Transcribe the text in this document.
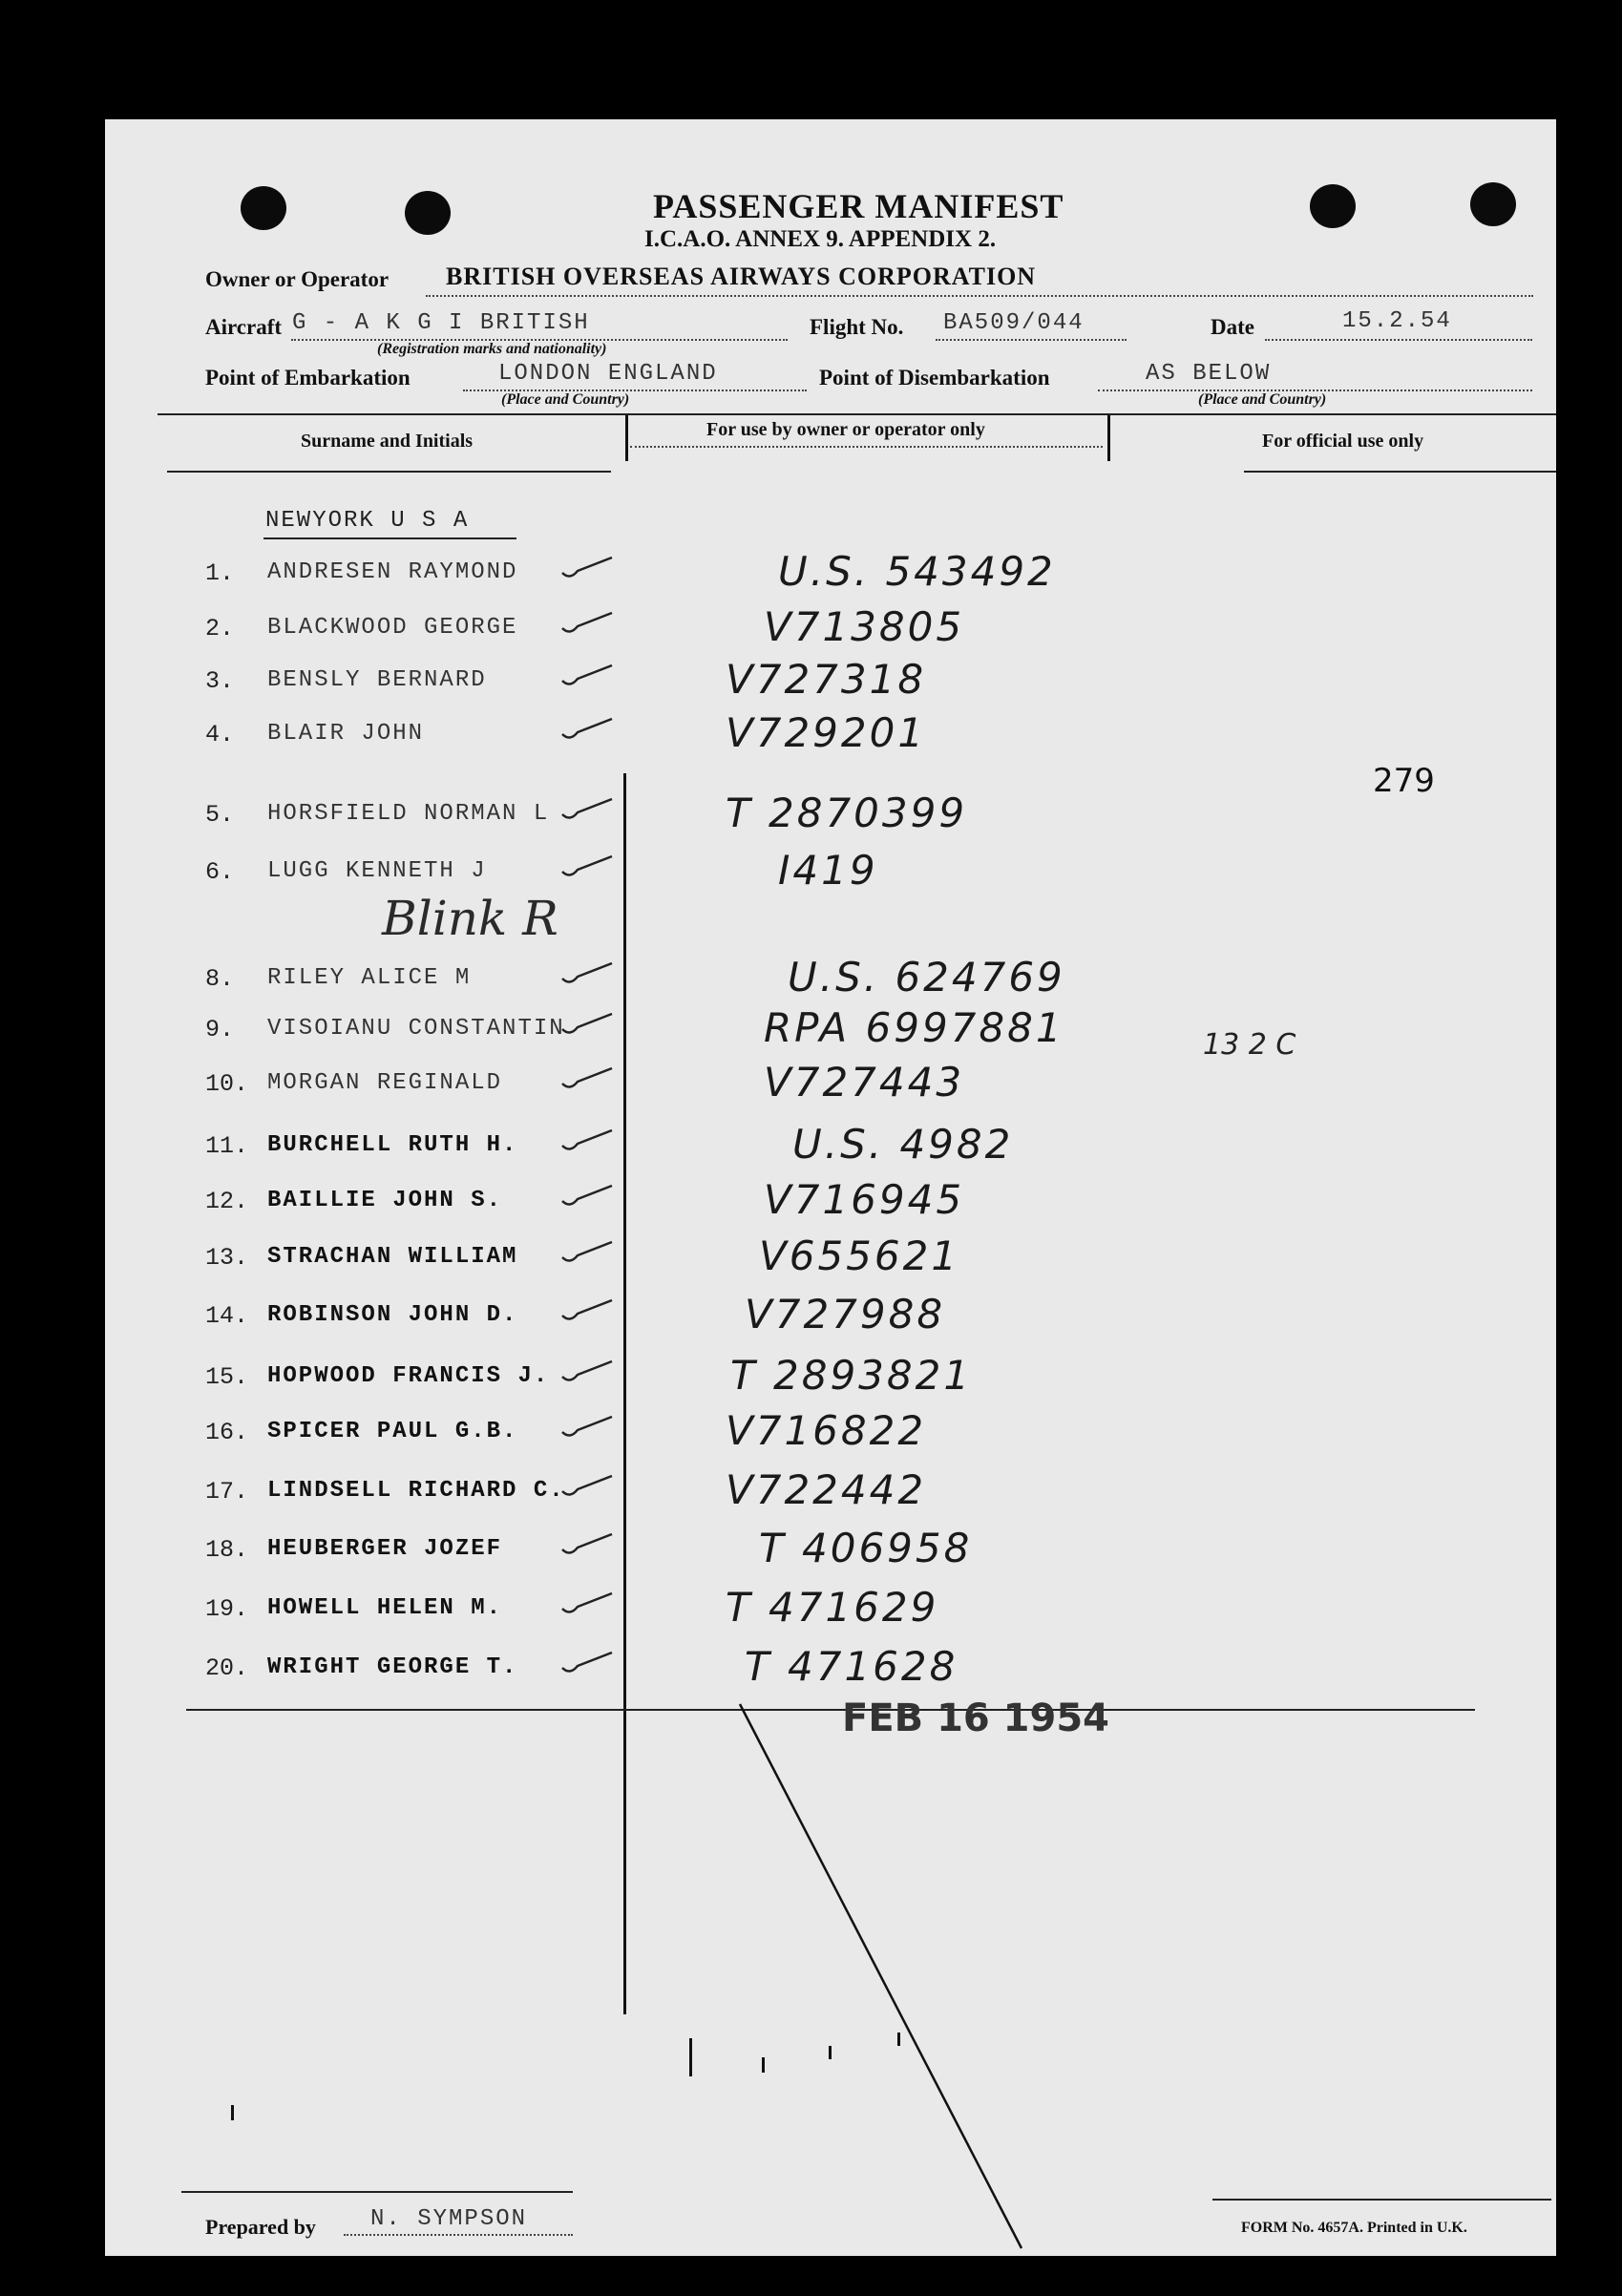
PASSENGER MANIFEST
I.C.A.O. ANNEX 9. APPENDIX 2.
Owner or Operator BRITISH OVERSEAS AIRWAYS CORPORATION
Aircraft G - A K G I BRITISH
(Registration marks and nationality)
Flight No. BA509/044	Date	15.2.54
Point of Embarkation	LONDON ENGLAND
(Place and Country)
Point of Disembarkation	AS BELOW
(Place and Country)
Surname and Initials
For use by owner or operator only
For official use only
NEWYORK U S A
279
Blink R
13 2 C
1. ANDRESEN RAYMOND	U.S. 543492
2. BLACKWOOD GEORGE	V713805
3. BENSLY BERNARD	V727318
4. BLAIR JOHN	V729201
5. HORSFIELD NORMAN L	T 2870399
6. LUGG KENNETH J	I419
8. RILEY ALICE M	U.S. 624769
9. VISOIANU CONSTANTIN	RPA 6997881
10. MORGAN REGINALD	V727443
11. BURCHELL RUTH H.	U.S. 4982
12. BAILLIE JOHN S.	V716945
13. STRACHAN WILLIAM	V655621
14. ROBINSON JOHN D.	V727988
15. HOPWOOD FRANCIS J.	T 2893821
16. SPICER PAUL G.B.	V716822
17. LINDSELL RICHARD C.	V722442
18. HEUBERGER JOZEF	T 406958
19. HOWELL HELEN M.	T 471629
20. WRIGHT GEORGE T.	T 471628
FEB 16 1954
Prepared by N. SYMPSON	FORM No. 4657A. Printed in U.K.
